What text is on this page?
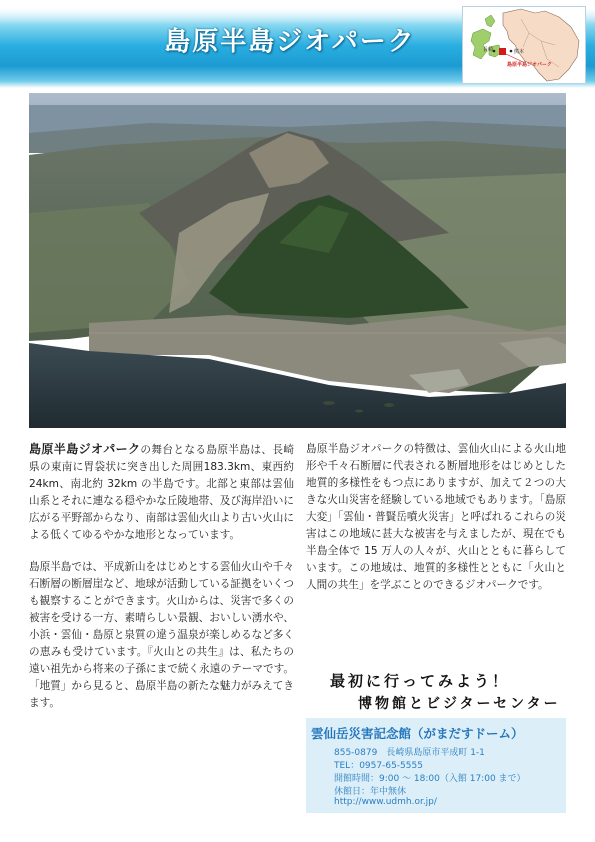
島原半島ジオパーク	長崎	熊本
島原半島ジオパーク

島原半島ジオパークの舞台となる島原半島は、長崎県の東南に胃袋状に突き出した周囲183.3km、東西約 24km、南北約 32km の半島です。北部と東部は雲仙山系とそれに連なる穏やかな丘陵地帯、及び海岸沿いに広がる平野部からなり、南部は雲仙火山より古い火山による低くてゆるやかな地形となっています。

島原半島では、平成新山をはじめとする雲仙火山や千々石断層の断層崖など、地球が活動している証拠をいくつも観察することができます。火山からは、災害で多くの被害を受ける一方、素晴らしい景観、おいしい湧水や、小浜・雲仙・島原と泉質の違う温泉が楽しめるなど多くの恵みも受けています。『火山との共生』は、私たちの遠い祖先から将来の子孫にまで続く永遠のテーマです。「地質」から見ると、島原半島の新たな魅力がみえてきます。

島原半島ジオパークの特徴は、雲仙火山による火山地形や千々石断層に代表される断層地形をはじめとした地質的多様性をもつ点にありますが、加えて２つの大きな火山災害を経験している地域でもあります。「島原大変」「雲仙・普賢岳噴火災害」と呼ばれるこれらの災害はこの地域に甚大な被害を与えましたが、現在でも半島全体で 15 万人の人々が、火山とともに暮らしています。この地域は、地質的多様性とともに「火山と人間の共生」を学ぶことのできるジオパークです。

最初に行ってみよう！
博物館とビジターセンター
雲仙岳災害記念館（がまだすドーム）
855-0879　長崎県島原市平成町 1-1
TEL：0957-65-5555
開館時間：9:00 〜 18:00（入館 17:00 まで）
休館日：年中無休
http://www.udmh.or.jp/
